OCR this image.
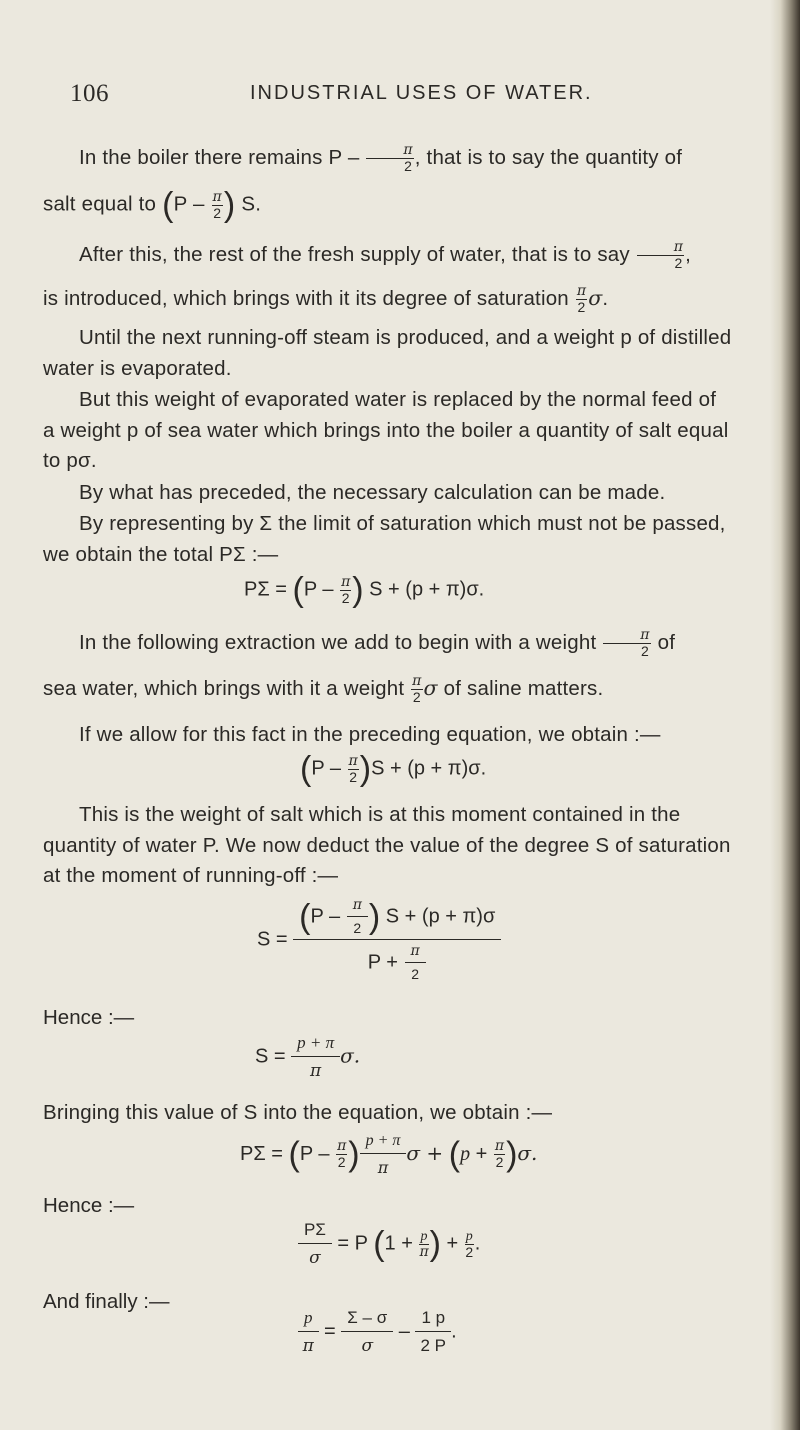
106	INDUSTRIAL USES OF WATER.
In the boiler there remains P – $\frac{\pi}{2}$ , that is to say the quantity of
salt equal to ($P - \frac{\pi}{2}$ ) S.
After this, the rest of the fresh supply of water, that is to say $\frac{\pi}{2}$ ,
is introduced, which brings with it its degree of saturation $\frac{\pi}{2} \sigma$.

Until the next running-off steam is produced, and a weight p of distilled water is evaporated.

But this weight of evaporated water is replaced by the normal feed of a weight p of sea water which brings into the boiler a quantity of salt equal to pσ.

By what has preceded, the necessary calculation can be made.

By representing by Σ the limit of saturation which must not be passed, we obtain the total PΣ :—

$P\Sigma = (P - \frac{\pi}{2}$ ) S + (p + π)σ.
In the following extraction we add to begin with a weight $\frac{\pi}{2}$ of
sea water, which brings with it a weight $\frac{\pi}{2}$ σ of saline matters.

If we allow for this fact in the preceding equation, we obtain :—

$(P - \frac{\pi}{2} )S + (p + \pi)\sigma$.

This is the weight of salt which is at this moment contained in the quantity of water P. We now deduct the value of the degree S of saturation at the moment of running-off :—

$S = \frac{(P - \frac{\pi}{2} ) S + (p + \pi)\sigma}{P + \frac{\pi}{2}}$
Hence :—
$S = \frac{p + \pi}{\pi} \sigma$.
Bringing this value of S into the equation, we obtain :—
$P\Sigma = (P - \frac{\pi}{2}$ ) $\frac{p + \pi}{\pi}$ $\sigma + (p + \frac{\pi}{2} )\sigma$.
Hence :—
$\frac{P\Sigma}{\sigma} = P$ ($1 + \frac{p}{\pi}$ ) + $\frac{p}{2}$ .
And finally :—
$\frac{p}{\pi} = \frac{\Sigma - \sigma}{\sigma} - \frac{1 p}{2 P}$ .
